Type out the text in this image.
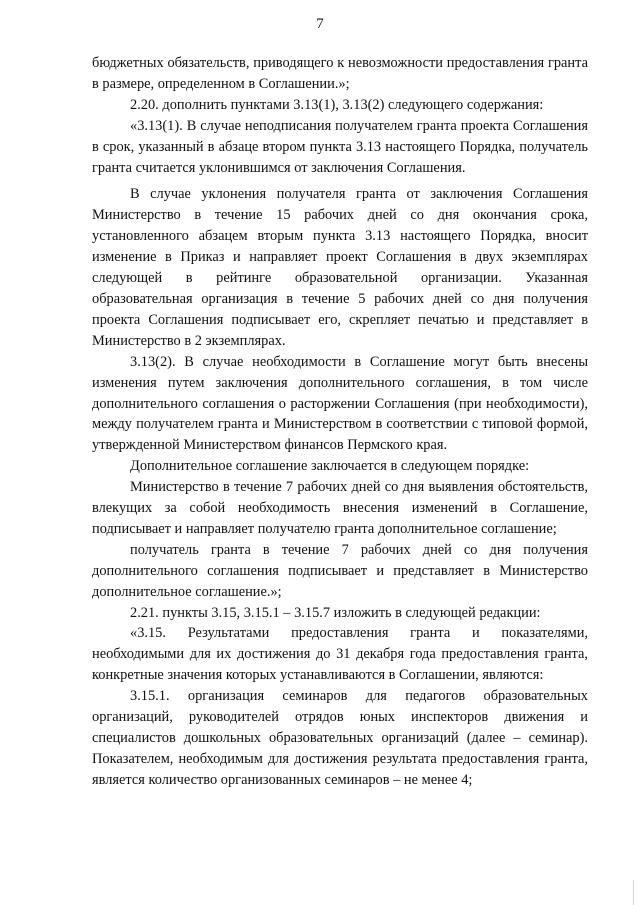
7

бюджетных обязательств, приводящего к невозможности предоставления гранта в размере, определенном в Соглашении.»;

2.20. дополнить пунктами 3.13(1), 3.13(2) следующего содержания:

«3.13(1). В случае неподписания получателем гранта проекта Соглашения в срок, указанный в абзаце втором пункта 3.13 настоящего Порядка, получатель гранта считается уклонившимся от заключения Соглашения.

В случае уклонения получателя гранта от заключения Соглашения Министерство в течение 15 рабочих дней со дня окончания срока, установленного абзацем вторым пункта 3.13 настоящего Порядка, вносит изменение в Приказ и направляет проект Соглашения в двух экземплярах следующей в рейтинге образовательной организации. Указанная образовательная организация в течение 5 рабочих дней со дня получения проекта Соглашения подписывает его, скрепляет печатью и представляет в Министерство в 2 экземплярах.

3.13(2). В случае необходимости в Соглашение могут быть внесены изменения путем заключения дополнительного соглашения, в том числе дополнительного соглашения о расторжении Соглашения (при необходимости), между получателем гранта и Министерством в соответствии с типовой формой, утвержденной Министерством финансов Пермского края.

Дополнительное соглашение заключается в следующем порядке:

Министерство в течение 7 рабочих дней со дня выявления обстоятельств, влекущих за собой необходимость внесения изменений в Соглашение, подписывает и направляет получателю гранта дополнительное соглашение;

получатель гранта в течение 7 рабочих дней со дня получения дополнительного соглашения подписывает и представляет в Министерство дополнительное соглашение.»;

2.21. пункты 3.15, 3.15.1 – 3.15.7 изложить в следующей редакции:

«3.15. Результатами предоставления гранта и показателями, необходимыми для их достижения до 31 декабря года предоставления гранта, конкретные значения которых устанавливаются в Соглашении, являются:

3.15.1. организация семинаров для педагогов образовательных организаций, руководителей отрядов юных инспекторов движения и специалистов дошкольных образовательных организаций (далее – семинар). Показателем, необходимым для достижения результата предоставления гранта, является количество организованных семинаров – не менее 4;
